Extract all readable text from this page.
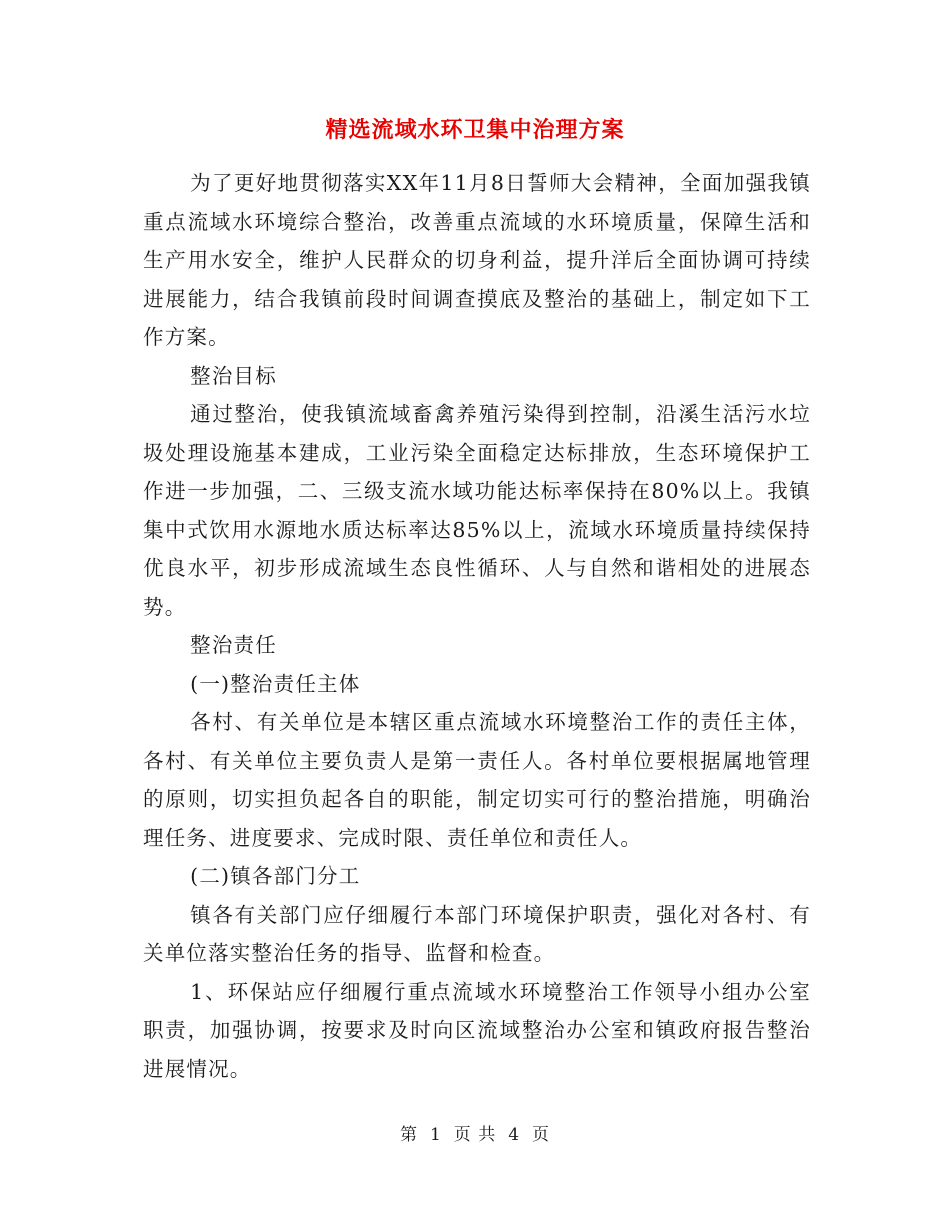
精选流域水环卫集中治理方案

为了更好地贯彻落实XX年11月8日誓师大会精神，全面加强我镇重点流域水环境综合整治，改善重点流域的水环境质量，保障生活和生产用水安全，维护人民群众的切身利益，提升洋后全面协调可持续进展能力，结合我镇前段时间调查摸底及整治的基础上，制定如下工作方案。

整治目标

通过整治，使我镇流域畜禽养殖污染得到控制，沿溪生活污水垃圾处理设施基本建成，工业污染全面稳定达标排放，生态环境保护工作进一步加强，二、三级支流水域功能达标率保持在80%以上。我镇集中式饮用水源地水质达标率达85%以上，流域水环境质量持续保持优良水平，初步形成流域生态良性循环、人与自然和谐相处的进展态势。

整治责任

(一)整治责任主体

各村、有关单位是本辖区重点流域水环境整治工作的责任主体，各村、有关单位主要负责人是第一责任人。各村单位要根据属地管理的原则，切实担负起各自的职能，制定切实可行的整治措施，明确治理任务、进度要求、完成时限、责任单位和责任人。

(二)镇各部门分工

镇各有关部门应仔细履行本部门环境保护职责，强化对各村、有关单位落实整治任务的指导、监督和检查。

1、环保站应仔细履行重点流域水环境整治工作领导小组办公室职责，加强协调，按要求及时向区流域整治办公室和镇政府报告整治进展情况。

第 1 页 共 4 页
